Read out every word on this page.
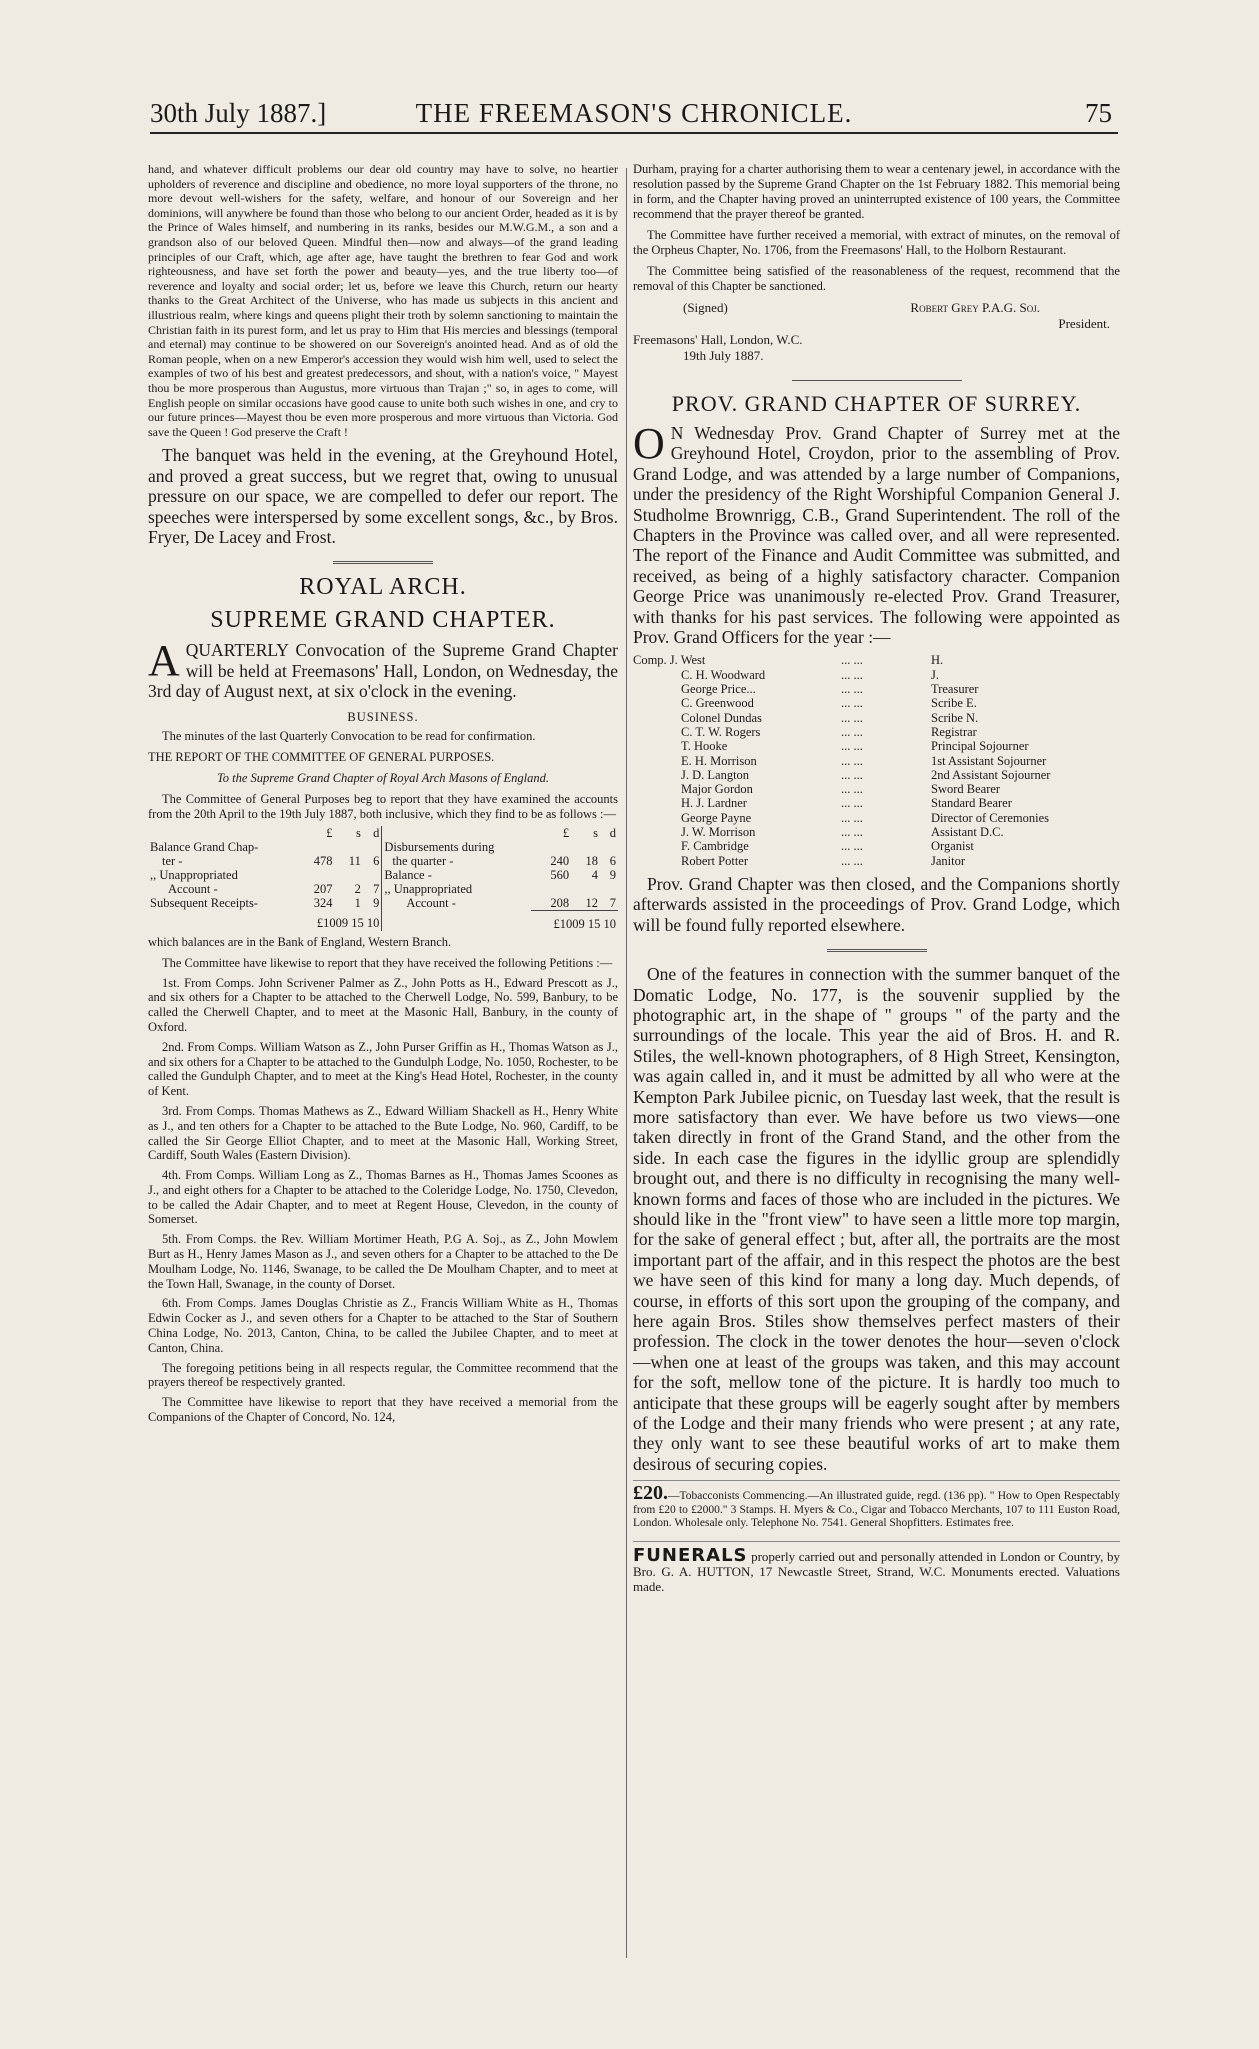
30th July 1887.]	THE FREEMASON'S CHRONICLE.	75

hand, and whatever difficult problems our dear old country may have to solve, no heartier upholders of reverence and discipline and obedience, no more loyal supporters of the throne, no more devout well-wishers for the safety, welfare, and honour of our Sovereign and her dominions, will anywhere be found than those who belong to our ancient Order, headed as it is by the Prince of Wales himself, and numbering in its ranks, besides our M.W.G.M., a son and a grandson also of our beloved Queen. Mindful then—now and always—of the grand leading principles of our Craft, which, age after age, have taught the brethren to fear God and work righteousness, and have set forth the power and beauty—yes, and the true liberty too—of reverence and loyalty and social order; let us, before we leave this Church, return our hearty thanks to the Great Architect of the Universe, who has made us subjects in this ancient and illustrious realm, where kings and queens plight their troth by solemn sanctioning to maintain the Christian faith in its purest form, and let us pray to Him that His mercies and blessings (temporal and eternal) may continue to be showered on our Sovereign's anointed head. And as of old the Roman people, when on a new Emperor's accession they would wish him well, used to select the examples of two of his best and greatest predecessors, and shout, with a nation's voice, " Mayest thou be more prosperous than Augustus, more virtuous than Trajan ;" so, in ages to come, will English people on similar occasions have good cause to unite both such wishes in one, and cry to our future princes—Mayest thou be even more prosperous and more virtuous than Victoria. God save the Queen ! God preserve the Craft !

The banquet was held in the evening, at the Greyhound Hotel, and proved a great success, but we regret that, owing to unusual pressure on our space, we are compelled to defer our report. The speeches were interspersed by some excellent songs, &c., by Bros. Fryer, De Lacey and Frost.

ROYAL ARCH.
SUPREME GRAND CHAPTER.

AQUARTERLY Convocation of the Supreme Grand Chapter will be held at Freemasons' Hall, London, on Wednesday, the 3rd day of August next, at six o'clock in the evening.

BUSINESS.

The minutes of the last Quarterly Convocation to be read for confirmation.

THE REPORT OF THE COMMITTEE OF GENERAL PURPOSES.

To the Supreme Grand Chapter of Royal Arch Masons of England.

The Committee of General Purposes beg to report that they have examined the accounts from the 20th April to the 19th July 1887, both inclusive, which they find to be as follows :—

	£	s	d		£	s	d
Balance Grand Chap-				Disbursements during			
ter -	478	11	6	the quarter -	240	18	6
,, Unappropriated				Balance -	560	4	9
Account -	207	2	7	,, Unappropriated			
Subsequent Receipts-	324	1	9	Account -	208	12	7
	£1009 15 10				£1009 15 10		

which balances are in the Bank of England, Western Branch.

The Committee have likewise to report that they have received the following Petitions :—

1st. From Comps. John Scrivener Palmer as Z., John Potts as H., Edward Prescott as J., and six others for a Chapter to be attached to the Cherwell Lodge, No. 599, Banbury, to be called the Cherwell Chapter, and to meet at the Masonic Hall, Banbury, in the county of Oxford.

2nd. From Comps. William Watson as Z., John Purser Griffin as H., Thomas Watson as J., and six others for a Chapter to be attached to the Gundulph Lodge, No. 1050, Rochester, to be called the Gundulph Chapter, and to meet at the King's Head Hotel, Rochester, in the county of Kent.

3rd. From Comps. Thomas Mathews as Z., Edward William Shackell as H., Henry White as J., and ten others for a Chapter to be attached to the Bute Lodge, No. 960, Cardiff, to be called the Sir George Elliot Chapter, and to meet at the Masonic Hall, Working Street, Cardiff, South Wales (Eastern Division).

4th. From Comps. William Long as Z., Thomas Barnes as H., Thomas James Scoones as J., and eight others for a Chapter to be attached to the Coleridge Lodge, No. 1750, Clevedon, to be called the Adair Chapter, and to meet at Regent House, Clevedon, in the county of Somerset.

5th. From Comps. the Rev. William Mortimer Heath, P.G A. Soj., as Z., John Mowlem Burt as H., Henry James Mason as J., and seven others for a Chapter to be attached to the De Moulham Lodge, No. 1146, Swanage, to be called the De Moulham Chapter, and to meet at the Town Hall, Swanage, in the county of Dorset.

6th. From Comps. James Douglas Christie as Z., Francis William White as H., Thomas Edwin Cocker as J., and seven others for a Chapter to be attached to the Star of Southern China Lodge, No. 2013, Canton, China, to be called the Jubilee Chapter, and to meet at Canton, China.

The foregoing petitions being in all respects regular, the Committee recommend that the prayers thereof be respectively granted.

The Committee have likewise to report that they have received a memorial from the Companions of the Chapter of Concord, No. 124,

Durham, praying for a charter authorising them to wear a centenary jewel, in accordance with the resolution passed by the Supreme Grand Chapter on the 1st February 1882. This memorial being in form, and the Chapter having proved an uninterrupted existence of 100 years, the Committee recommend that the prayer thereof be granted.

The Committee have further received a memorial, with extract of minutes, on the removal of the Orpheus Chapter, No. 1706, from the Freemasons' Hall, to the Holborn Restaurant.

The Committee being satisfied of the reasonableness of the request, recommend that the removal of this Chapter be sanctioned.

(Signed)	Robert Grey P.A.G. Soj.
President.
Freemasons' Hall, London, W.C.
19th July 1887.
PROV. GRAND CHAPTER OF SURREY.

O N Wednesday Prov. Grand Chapter of Surrey met at the Greyhound Hotel, Croydon, prior to the assembling of Prov. Grand Lodge, and was attended by a large number of Companions, under the presidency of the Right Worshipful Companion General J. Studholme Brownrigg, C.B., Grand Superintendent. The roll of the Chapters in the Province was called over, and all were represented. The report of the Finance and Audit Committee was submitted, and received, as being of a highly satisfactory character. Companion George Price was unanimously re-elected Prov. Grand Treasurer, with thanks for his past services. The following were appointed as Prov. Grand Officers for the year :—

Comp. J. West	... ...	H.
C. H. Woodward	... ...	J.
George Price...	... ...	Treasurer
C. Greenwood	... ...	Scribe E.
Colonel Dundas	... ...	Scribe N.
C. T. W. Rogers	... ...	Registrar
T. Hooke	... ...	Principal Sojourner
E. H. Morrison	... ...	1st Assistant Sojourner
J. D. Langton	... ...	2nd Assistant Sojourner
Major Gordon	... ...	Sword Bearer
H. J. Lardner	... ...	Standard Bearer
George Payne	... ...	Director of Ceremonies
J. W. Morrison	... ...	Assistant D.C.
F. Cambridge	... ...	Organist
Robert Potter	... ...	Janitor

Prov. Grand Chapter was then closed, and the Companions shortly afterwards assisted in the proceedings of Prov. Grand Lodge, which will be found fully reported elsewhere.

One of the features in connection with the summer banquet of the Domatic Lodge, No. 177, is the souvenir supplied by the photographic art, in the shape of " groups " of the party and the surroundings of the locale. This year the aid of Bros. H. and R. Stiles, the well-known photographers, of 8 High Street, Kensington, was again called in, and it must be admitted by all who were at the Kempton Park Jubilee picnic, on Tuesday last week, that the result is more satisfactory than ever. We have before us two views—one taken directly in front of the Grand Stand, and the other from the side. In each case the figures in the idyllic group are splendidly brought out, and there is no difficulty in recognising the many well-known forms and faces of those who are included in the pictures. We should like in the "front view" to have seen a little more top margin, for the sake of general effect ; but, after all, the portraits are the most important part of the affair, and in this respect the photos are the best we have seen of this kind for many a long day. Much depends, of course, in efforts of this sort upon the grouping of the company, and here again Bros. Stiles show themselves perfect masters of their profession. The clock in the tower denotes the hour—seven o'clock—when one at least of the groups was taken, and this may account for the soft, mellow tone of the picture. It is hardly too much to anticipate that these groups will be eagerly sought after by members of the Lodge and their many friends who were present ; at any rate, they only want to see these beautiful works of art to make them desirous of securing copies.

£20.—Tobacconists Commencing.—An illustrated guide, regd. (136 pp). " How to Open Respectably from £20 to £2000." 3 Stamps. H. Myers & Co., Cigar and Tobacco Merchants, 107 to 111 Euston Road, London. Wholesale only. Telephone No. 7541. General Shopfitters. Estimates free.

FUNERALS properly carried out and personally attended in London or Country, by Bro. G. A. HUTTON, 17 Newcastle Street, Strand, W.C. Monuments erected. Valuations made.
